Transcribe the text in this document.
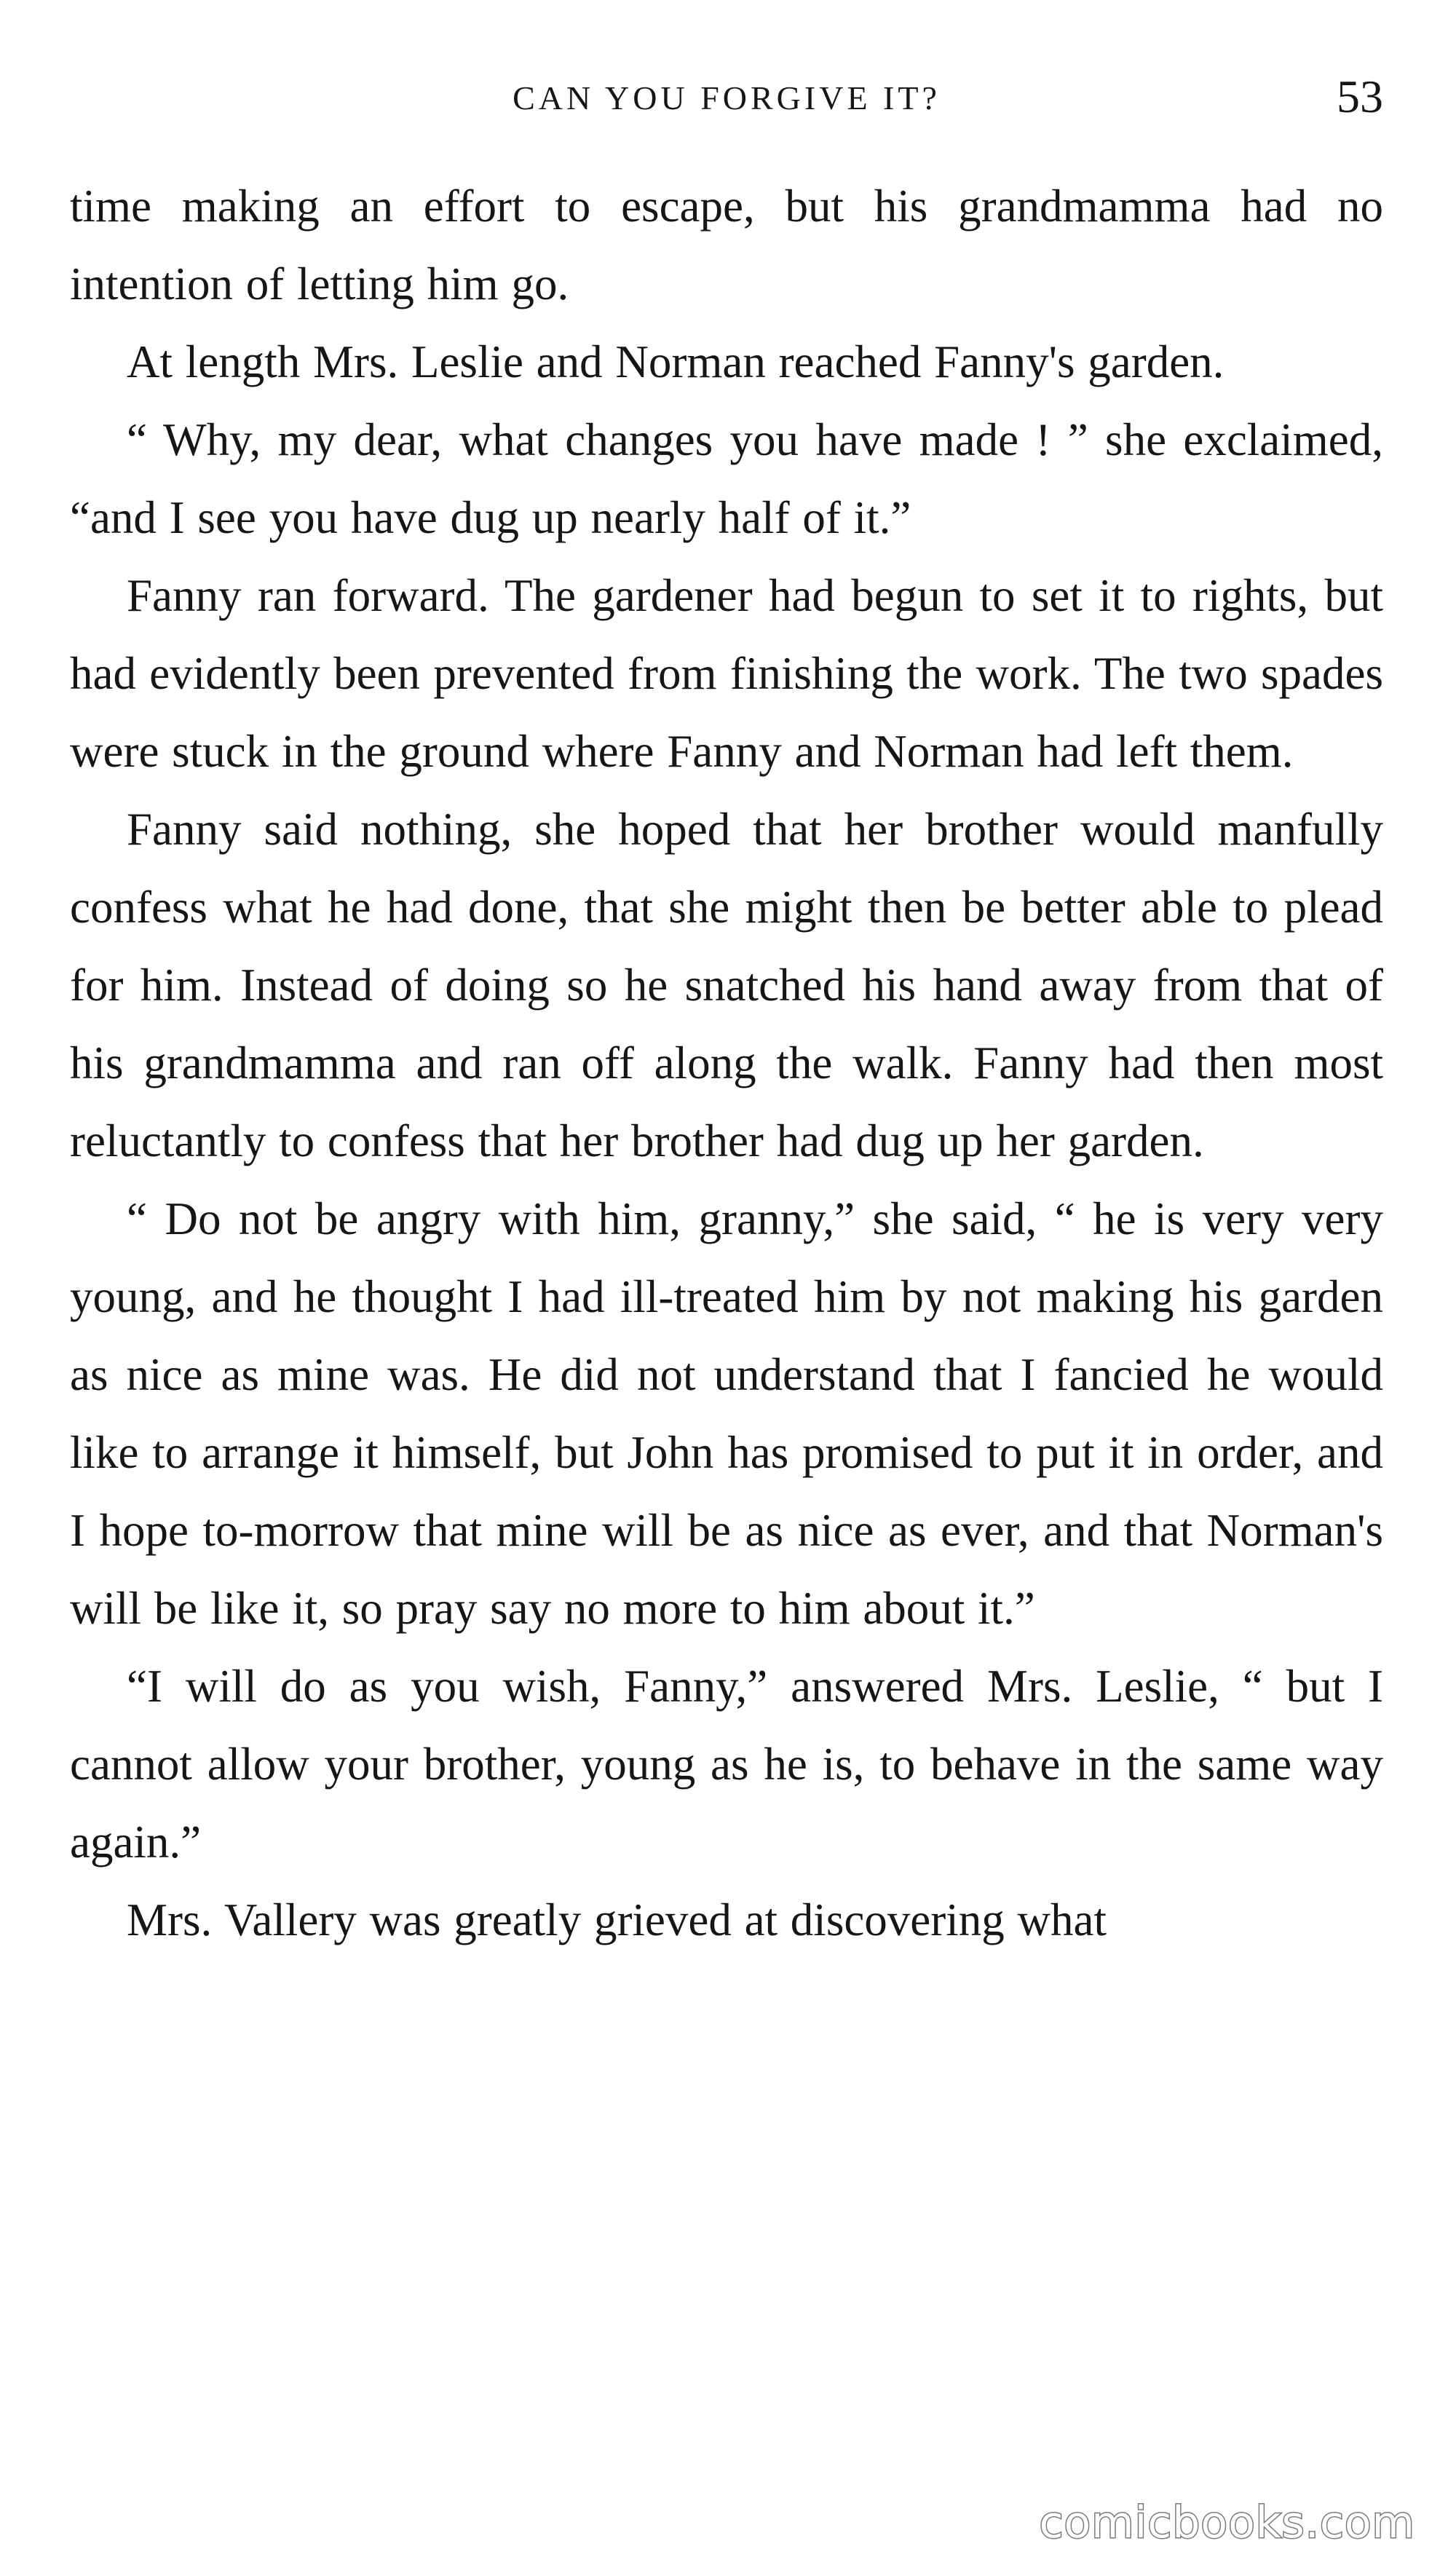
CAN YOU FORGIVE IT?	53

time making an effort to escape, but his grandmamma had no intention of letting him go.

At length Mrs. Leslie and Norman reached Fanny's garden.

“ Why, my dear, what changes you have made ! ” she exclaimed, “and I see you have dug up nearly half of it.”

Fanny ran forward. The gardener had begun to set it to rights, but had evidently been prevented from finishing the work. The two spades were stuck in the ground where Fanny and Norman had left them.

Fanny said nothing, she hoped that her brother would manfully confess what he had done, that she might then be better able to plead for him. Instead of doing so he snatched his hand away from that of his grandmamma and ran off along the walk. Fanny had then most reluctantly to confess that her brother had dug up her garden.

“ Do not be angry with him, granny,” she said, “ he is very very young, and he thought I had ill-treated him by not making his garden as nice as mine was. He did not understand that I fancied he would like to arrange it himself, but John has promised to put it in order, and I hope to-morrow that mine will be as nice as ever, and that Norman's will be like it, so pray say no more to him about it.”

“I will do as you wish, Fanny,” answered Mrs. Leslie, “ but I cannot allow your brother, young as he is, to behave in the same way again.”

Mrs. Vallery was greatly grieved at discovering what

comicbooks.com
